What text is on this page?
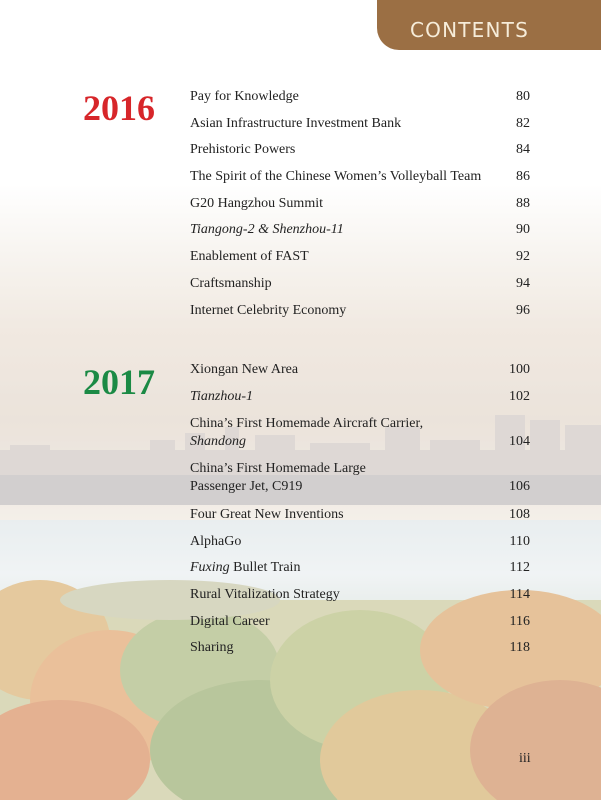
CONTENTS
2016	Pay for Knowledge	80
Asian Infrastructure Investment Bank	82
Prehistoric Powers	84
The Spirit of the Chinese Women’s Volleyball Team	86
G20 Hangzhou Summit	88
Tiangong-2 & Shenzhou-11	90
Enablement of FAST	92
Craftsmanship	94
Internet Celebrity Economy	96
2017	Xiongan New Area	100
Tianzhou-1	102
China’s First Homemade Aircraft Carrier,
Shandong	104
China’s First Homemade Large
Passenger Jet, C919	106
Four Great New Inventions	108
AlphaGo	110
Fuxing Bullet Train	112
Rural Vitalization Strategy	114
Digital Career	116
Sharing	118
iii
